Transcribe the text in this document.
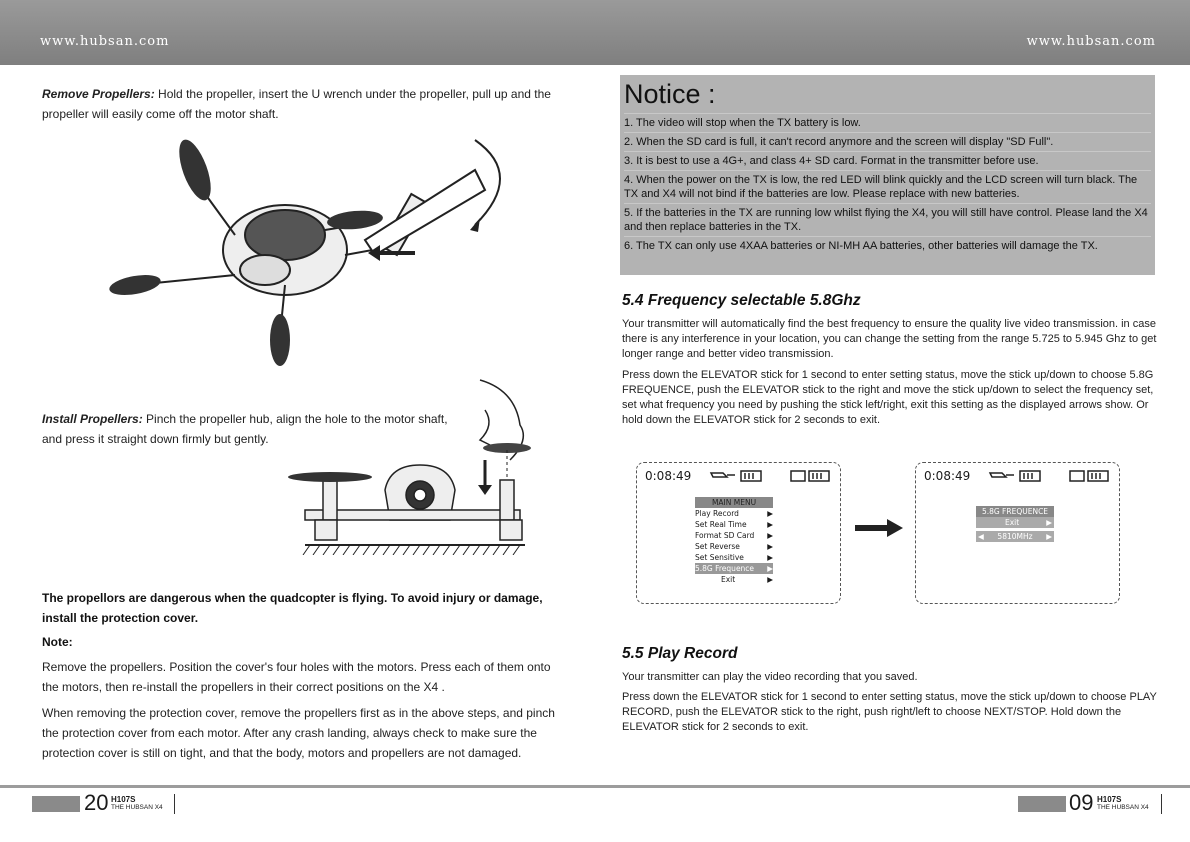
www.hubsan.com	www.hubsan.com
Remove Propellers: Hold the propeller, insert the U wrench under the propeller, pull up and the propeller will easily come off the motor shaft.
Install Propellers: Pinch the propeller hub, align the hole to the motor shaft, and press it straight down firmly but gently.
The propellors are dangerous when the quadcopter is flying. To avoid injury or damage, install the protection cover.
Note:
Remove the propellers. Position the cover's four holes with the motors. Press each of them onto the motors, then re-install the propellers in their correct positions on the X4 .
When removing the protection cover, remove the propellers first as in the above steps, and pinch the protection cover from each motor. After any crash landing, always check to make sure the protection cover is still on tight, and that the body, motors and propellers are not damaged.
Notice :

1. The video will stop when the TX battery is low.

2. When the SD card is full, it can't record anymore and the screen will display "SD Full".

3. It is best to use a 4G+, and class 4+ SD card. Format in the transmitter before use.

4. When the power on the TX is low, the red LED will blink quickly and the LCD screen will turn black. The TX and X4 will not bind if the batteries are low. Please replace with new batteries.

5. If the batteries in the TX are running low whilst flying the X4, you will still have control. Please land the X4 and then replace batteries in the TX.

6. The TX can only use 4XAA batteries or NI-MH AA batteries, other batteries will damage the TX.

5.4 Frequency selectable 5.8Ghz
Your transmitter will automatically find the best frequency to ensure the quality live video transmission. in case there is any interference in your location, you can change the setting from the range 5.725 to 5.945 Ghz to get longer range and better video transmission.
Press down the ELEVATOR stick for 1 second to enter setting status, move the stick up/down to choose 5.8G FREQUENCE, push the ELEVATOR stick to the right and move the stick up/down to select the frequency set, set what frequency you need by pushing the stick left/right, exit this setting as the displayed arrows show. Or hold down the ELEVATOR stick for 2 seconds to exit.
0:08:49
MAIN MENU
Play Record	▶
Set Real Time	▶
Format SD Card ▶
Set Reverse	▶
Set Sensitive	▶
5.8G Frequence ▶
Exit	▶
0:08:49
5.8G FREQUENCE
Exit	▶
◀ 5810MHz ▶
5.5 Play Record
Your transmitter can play the video recording that you saved.
Press down the ELEVATOR stick for 1 second to enter setting status, move the stick up/down to choose PLAY RECORD, push the ELEVATOR stick to the right, push right/left to choose NEXT/STOP. Hold down the ELEVATOR stick for 2 seconds to exit.
20 H107S
THE HUBSAN X4	09 H107S
THE HUBSAN X4
